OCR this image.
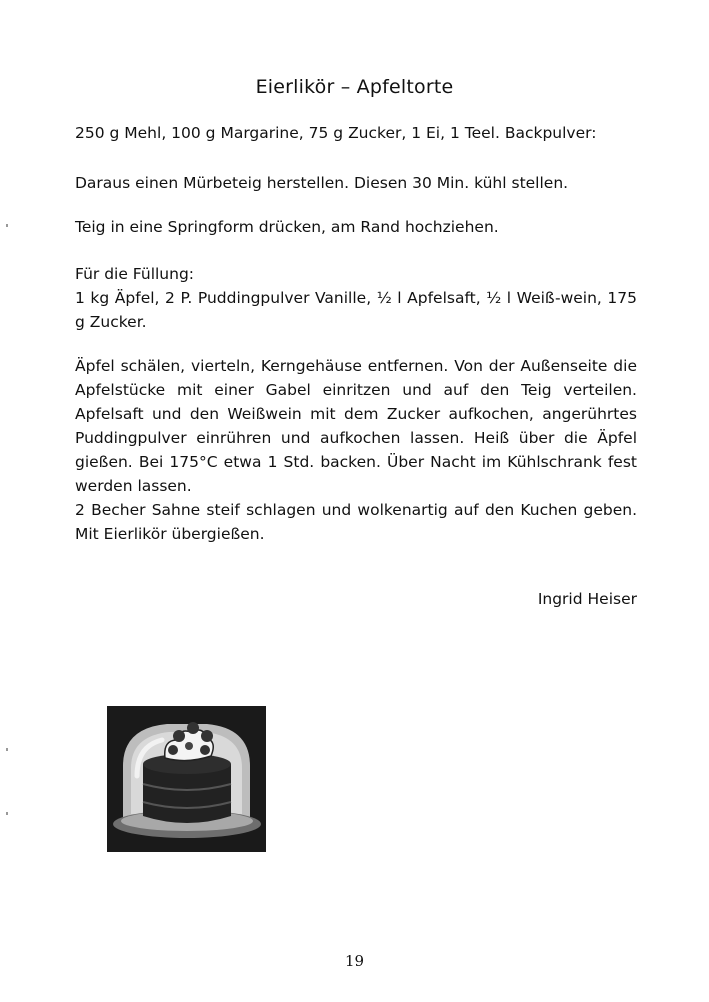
Eierlikör – Apfeltorte

250 g Mehl, 100 g Margarine, 75 g Zucker, 1 Ei, 1 Teel. Backpulver:

Daraus einen Mürbeteig herstellen. Diesen 30 Min. kühl stellen.

Teig in eine Springform drücken, am Rand hochziehen.

Für die Füllung:

1 kg Äpfel, 2 P. Puddingpulver Vanille, ½ l Apfelsaft, ½ l Weiß-wein, 175 g Zucker.

Äpfel schälen, vierteln, Kerngehäuse entfernen. Von der Außenseite die Apfelstücke mit einer Gabel einritzen und auf den Teig verteilen. Apfelsaft und den Weißwein mit dem Zucker aufkochen, angerührtes Puddingpulver einrühren und aufkochen lassen. Heiß über die Äpfel gießen. Bei 175°C etwa 1 Std. backen. Über Nacht im Kühlschrank fest werden lassen.

2 Becher Sahne steif schlagen und wolkenartig auf den Kuchen geben. Mit Eierlikör übergießen.

Ingrid Heiser
19
